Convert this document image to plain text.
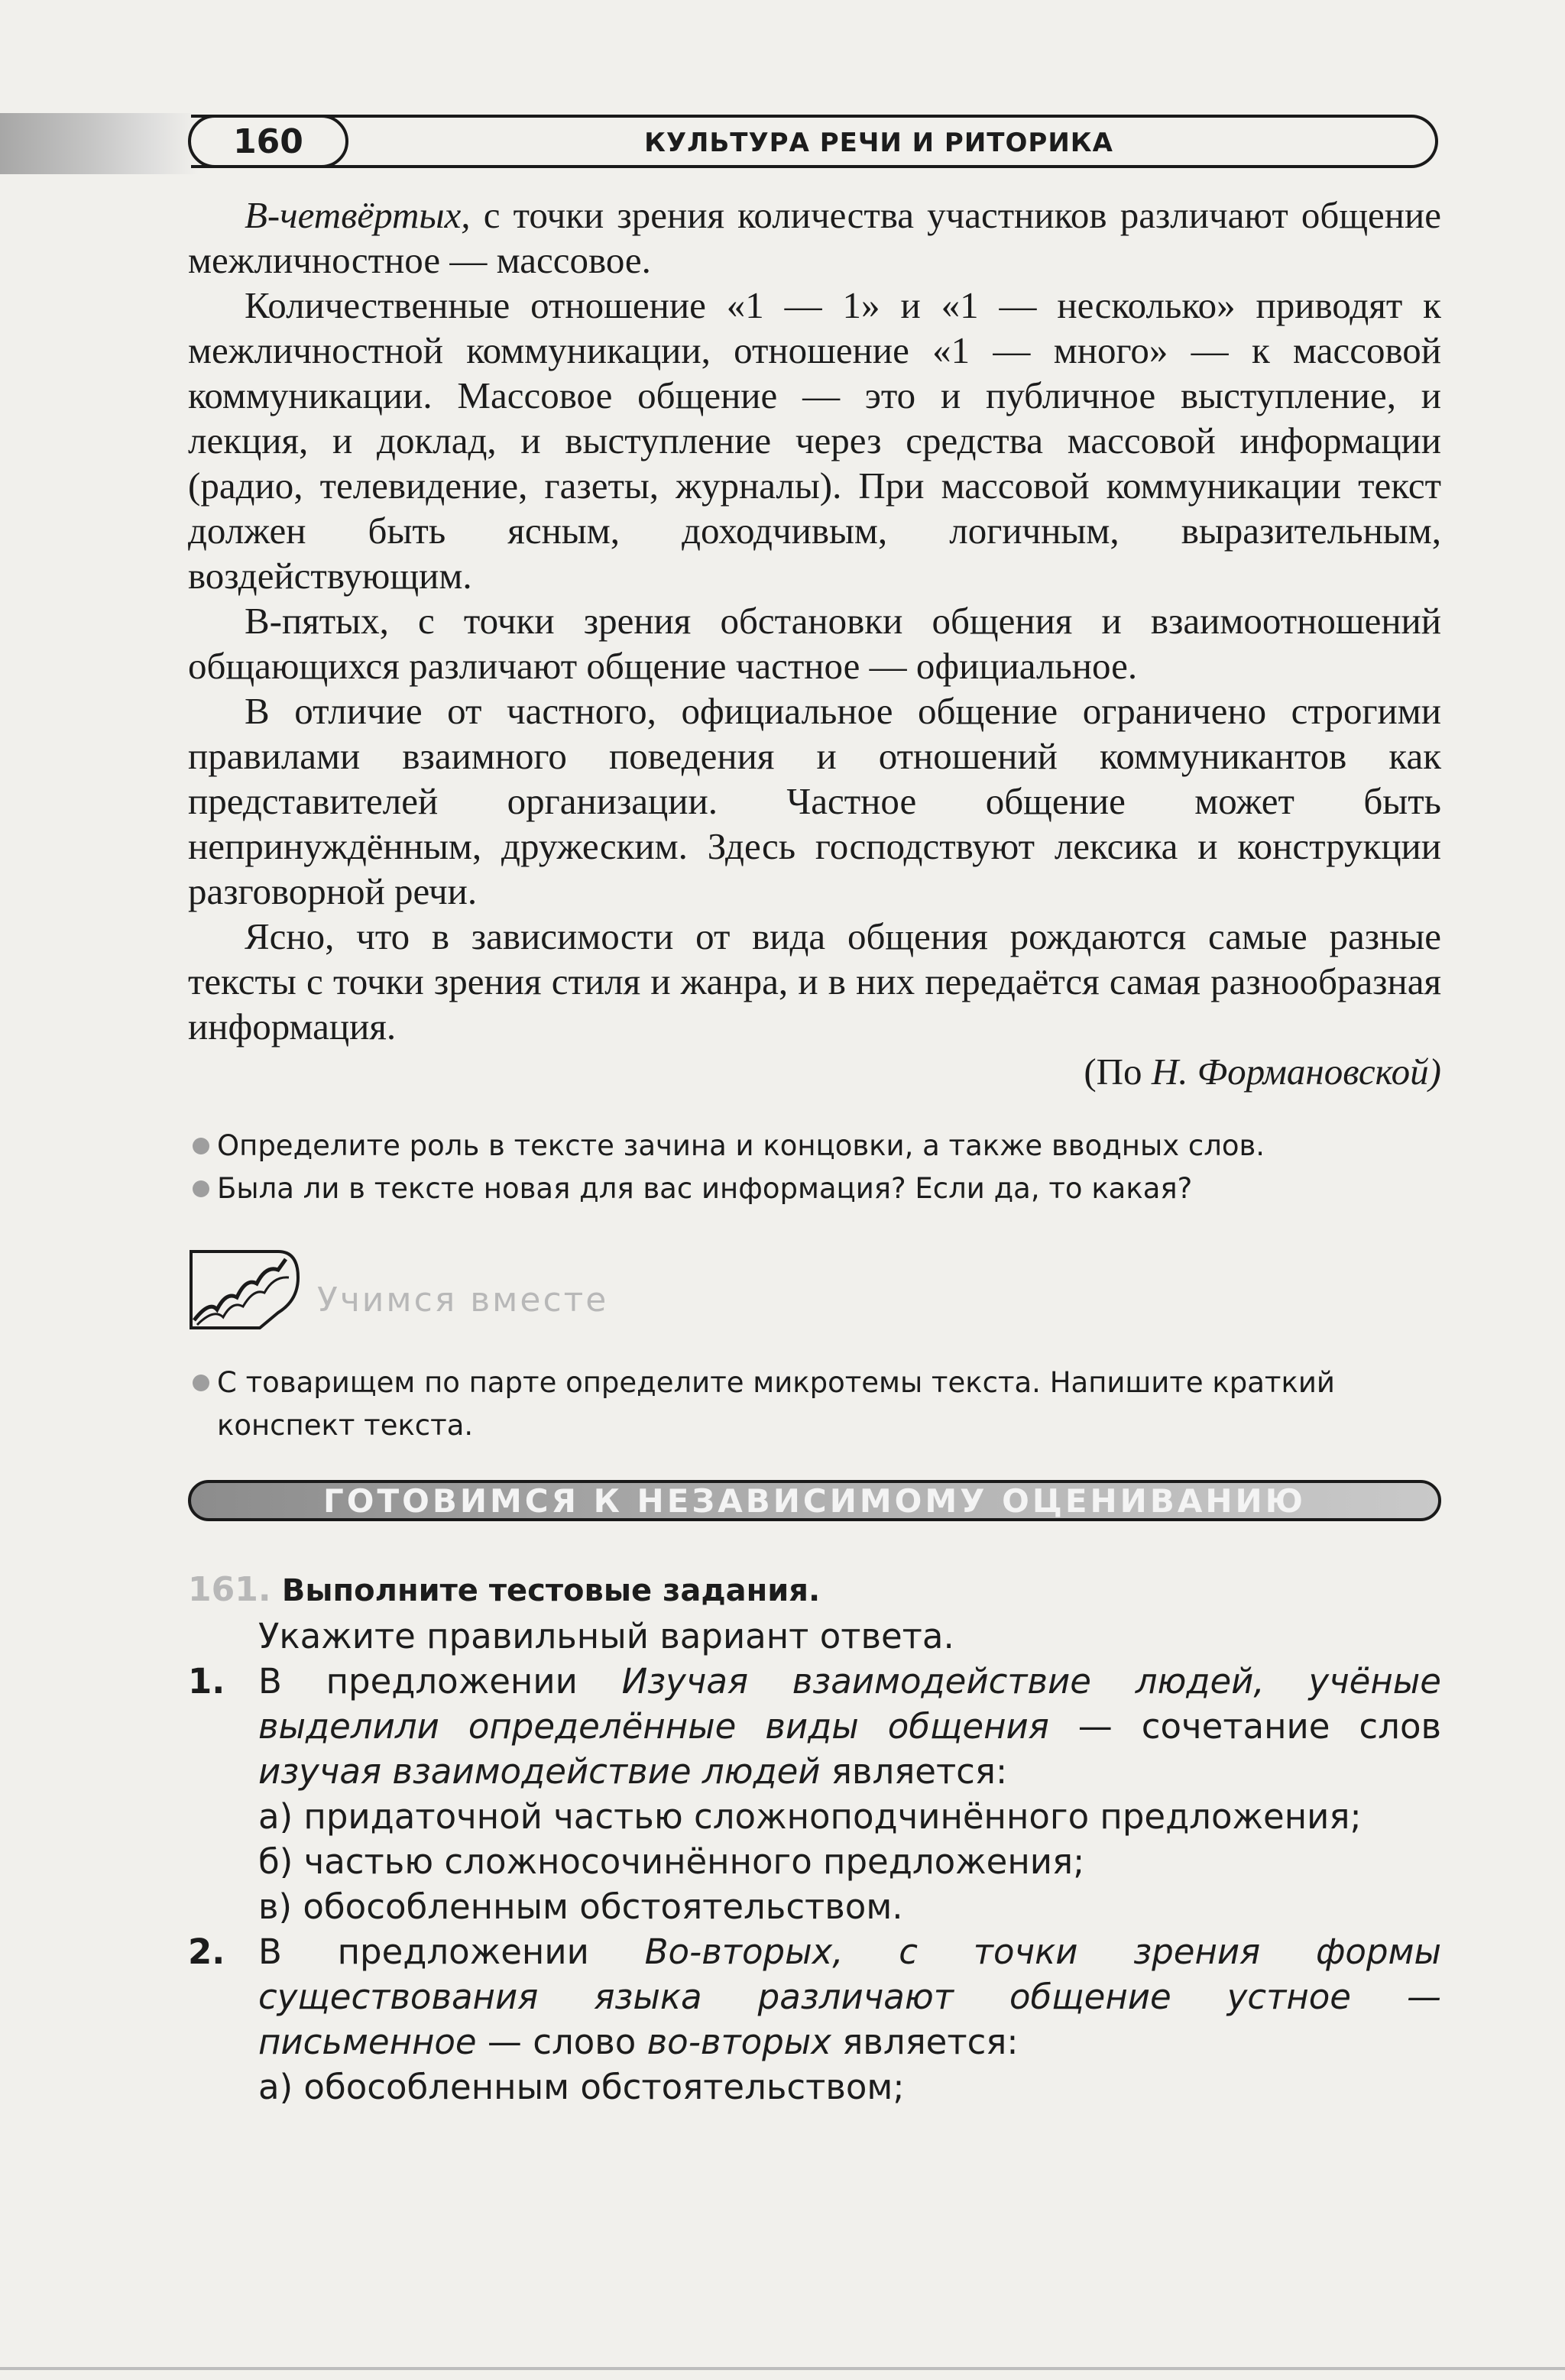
160	КУЛЬТУРА РЕЧИ И РИТОРИКА

В-четвёртых, с точки зрения количества участников различают общение межличностное — массовое.

Количественные отношение «1 — 1» и «1 — несколько» приводят к межличностной коммуникации, отношение «1 — много» — к массовой коммуникации. Массовое общение — это и публичное выступление, и лекция, и доклад, и выступление через средства массовой информации (радио, телевидение, газеты, журналы). При массовой коммуникации текст должен быть ясным, доходчивым, логичным, выразительным, воздействующим.

В-пятых, с точки зрения обстановки общения и взаимоотношений общающихся различают общение частное — официальное.

В отличие от частного, официальное общение ограничено строгими правилами взаимного поведения и отношений коммуникантов как представителей организации. Частное общение может быть непринуждённым, дружеским. Здесь господствуют лексика и конструкции разговорной речи.

Ясно, что в зависимости от вида общения рождаются самые разные тексты с точки зрения стиля и жанра, и в них передаётся самая разнообразная информация.

(По Н. Формановской)
Определите роль в тексте зачина и концовки, а также вводных слов.
Была ли в тексте новая для вас информация? Если да, то какая?
Учимся вместе
С товарищем по парте определите микротемы текста. Напишите краткий конспект текста.
ГОТОВИМСЯ К НЕЗАВИСИМОМУ ОЦЕНИВАНИЮ
161. Выполните тестовые задания.
Укажите правильный вариант ответа.
1. В предложении Изучая взаимодействие людей, учёные выделили определённые виды общения — сочетание слов изучая взаимодействие людей является:
а) придаточной частью сложноподчинённого предложения;
б) частью сложносочинённого предложения;
в) обособленным обстоятельством.
2. В предложении Во-вторых, с точки зрения формы существования языка различают общение устное — письменное — слово во-вторых является:
а) обособленным обстоятельством;
